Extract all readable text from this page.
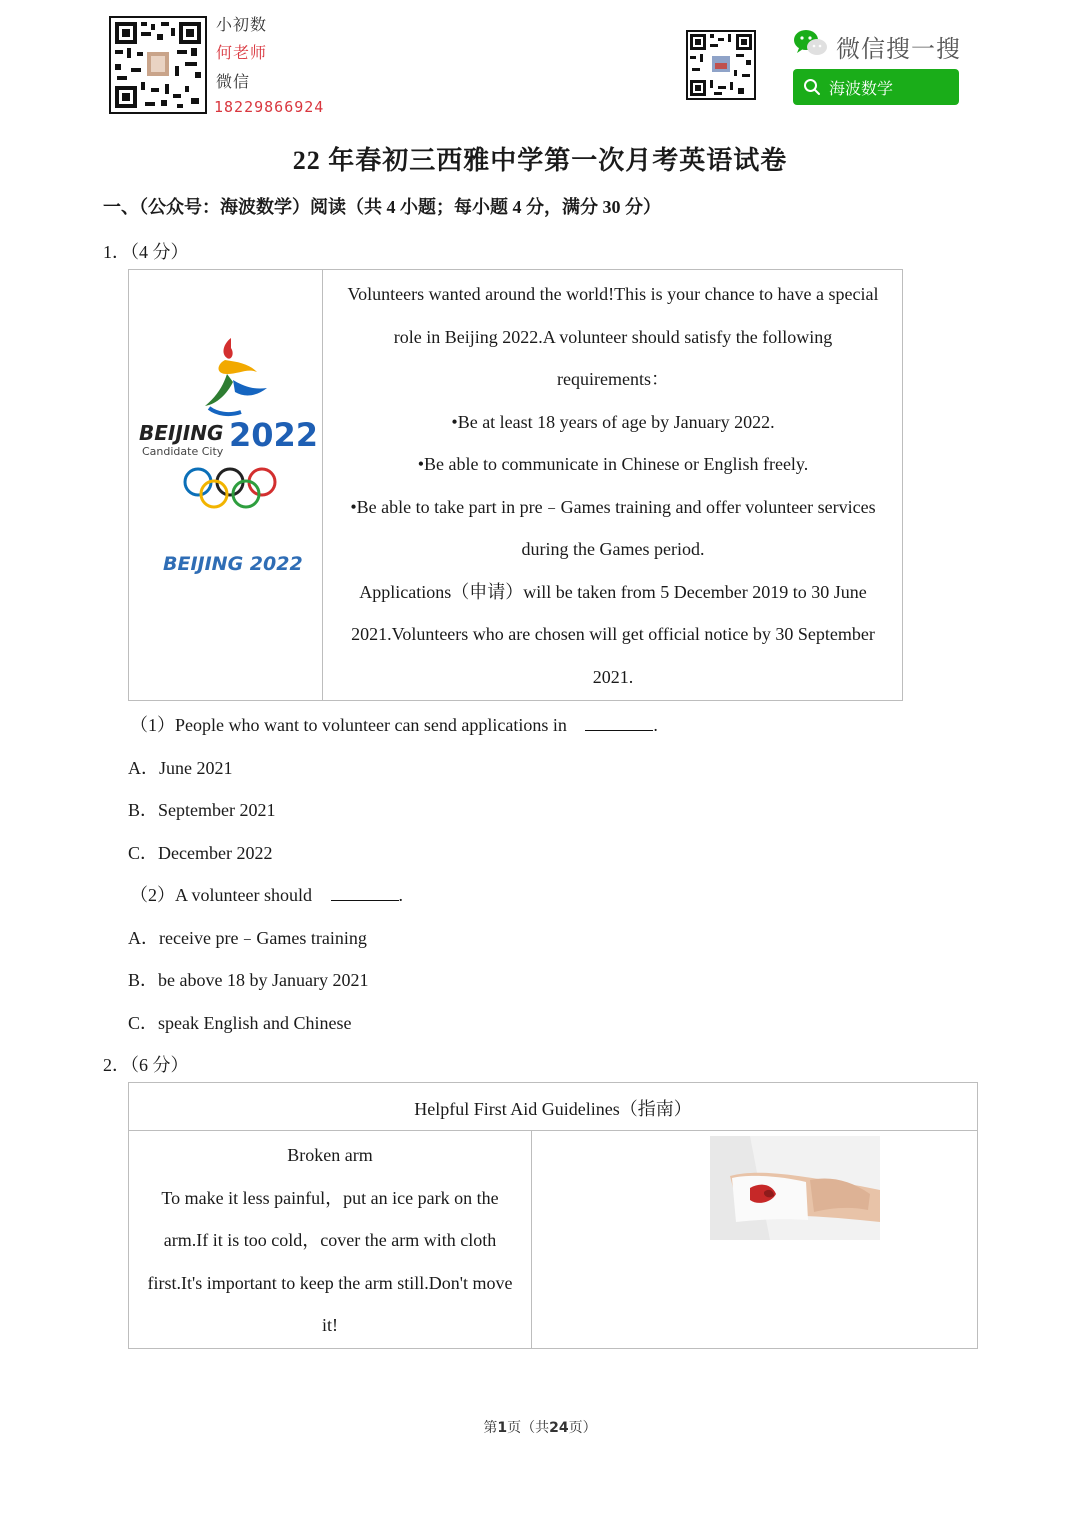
小初数
何老师
微信
18229866924
微信搜一搜
海波数学
22 年春初三西雅中学第一次月考英语试卷
一、（公众号：海波数学）阅读（共 4 小题；每小题 4 分，满分 30 分）
1．（4 分）
BEIJING 2022
Candidate City
BEIJING 2022
Volunteers wanted around the world!This is your chance to have a special
role in Beijing 2022.A volunteer should satisfy the following
requirements：
•Be at least 18 years of age by January 2022.
•Be able to communicate in Chinese or English freely.
•Be able to take part in pre﹣Games training and offer volunteer services
during the Games period.
Applications（申请）will be taken from 5 December 2019 to 30 June
2021.Volunteers who are chosen will get official notice by 30 September
2021.
（1）People who want to volunteer can send applications in	.
A．June 2021
B．September 2021
C．December 2022
（2）A volunteer should	.
A．receive pre﹣Games training
B．be above 18 by January 2021
C．speak English and Chinese
2．（6 分）
Helpful First Aid Guidelines（指南）
Broken arm
To make it less painful，put an ice park on the
arm.If it is too cold，cover the arm with cloth
first.It's important to keep the arm still.Don't move
it!
第1页（共24页）
